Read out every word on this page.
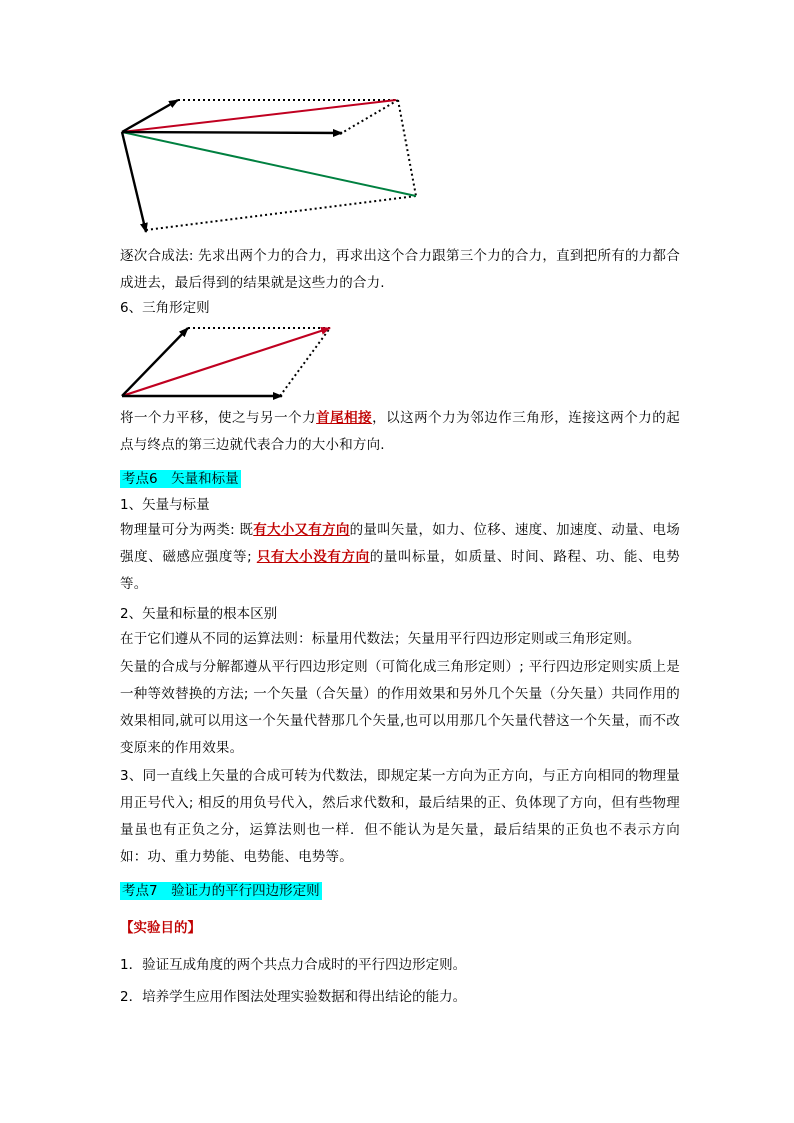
逐次合成法: 先求出两个力的合力，再求出这个合力跟第三个力的合力，直到把所有的力都合成进去，最后得到的结果就是这些力的合力.
6、三角形定则
将一个力平移，使之与另一个力首尾相接，以这两个力为邻边作三角形，连接这两个力的起点与终点的第三边就代表合力的大小和方向.
考点6　矢量和标量
1、矢量与标量
物理量可分为两类: 既有大小又有方向的量叫矢量，如力、位移、速度、加速度、动量、电场强度、磁感应强度等; 只有大小没有方向的量叫标量，如质量、时间、路程、功、能、电势等。
2、矢量和标量的根本区别
在于它们遵从不同的运算法则：标量用代数法；矢量用平行四边形定则或三角形定则。
矢量的合成与分解都遵从平行四边形定则（可简化成三角形定则）; 平行四边形定则实质上是一种等效替换的方法; 一个矢量（合矢量）的作用效果和另外几个矢量（分矢量）共同作用的效果相同,就可以用这一个矢量代替那几个矢量,也可以用那几个矢量代替这一个矢量，而不改变原来的作用效果。
3、同一直线上矢量的合成可转为代数法，即规定某一方向为正方向，与正方向相同的物理量用正号代入; 相反的用负号代入，然后求代数和，最后结果的正、负体现了方向，但有些物理量虽也有正负之分，运算法则也一样．但不能认为是矢量，最后结果的正负也不表示方向如：功、重力势能、电势能、电势等。
考点7　验证力的平行四边形定则
【实验目的】
1．验证互成角度的两个共点力合成时的平行四边形定则。
2．培养学生应用作图法处理实验数据和得出结论的能力。
